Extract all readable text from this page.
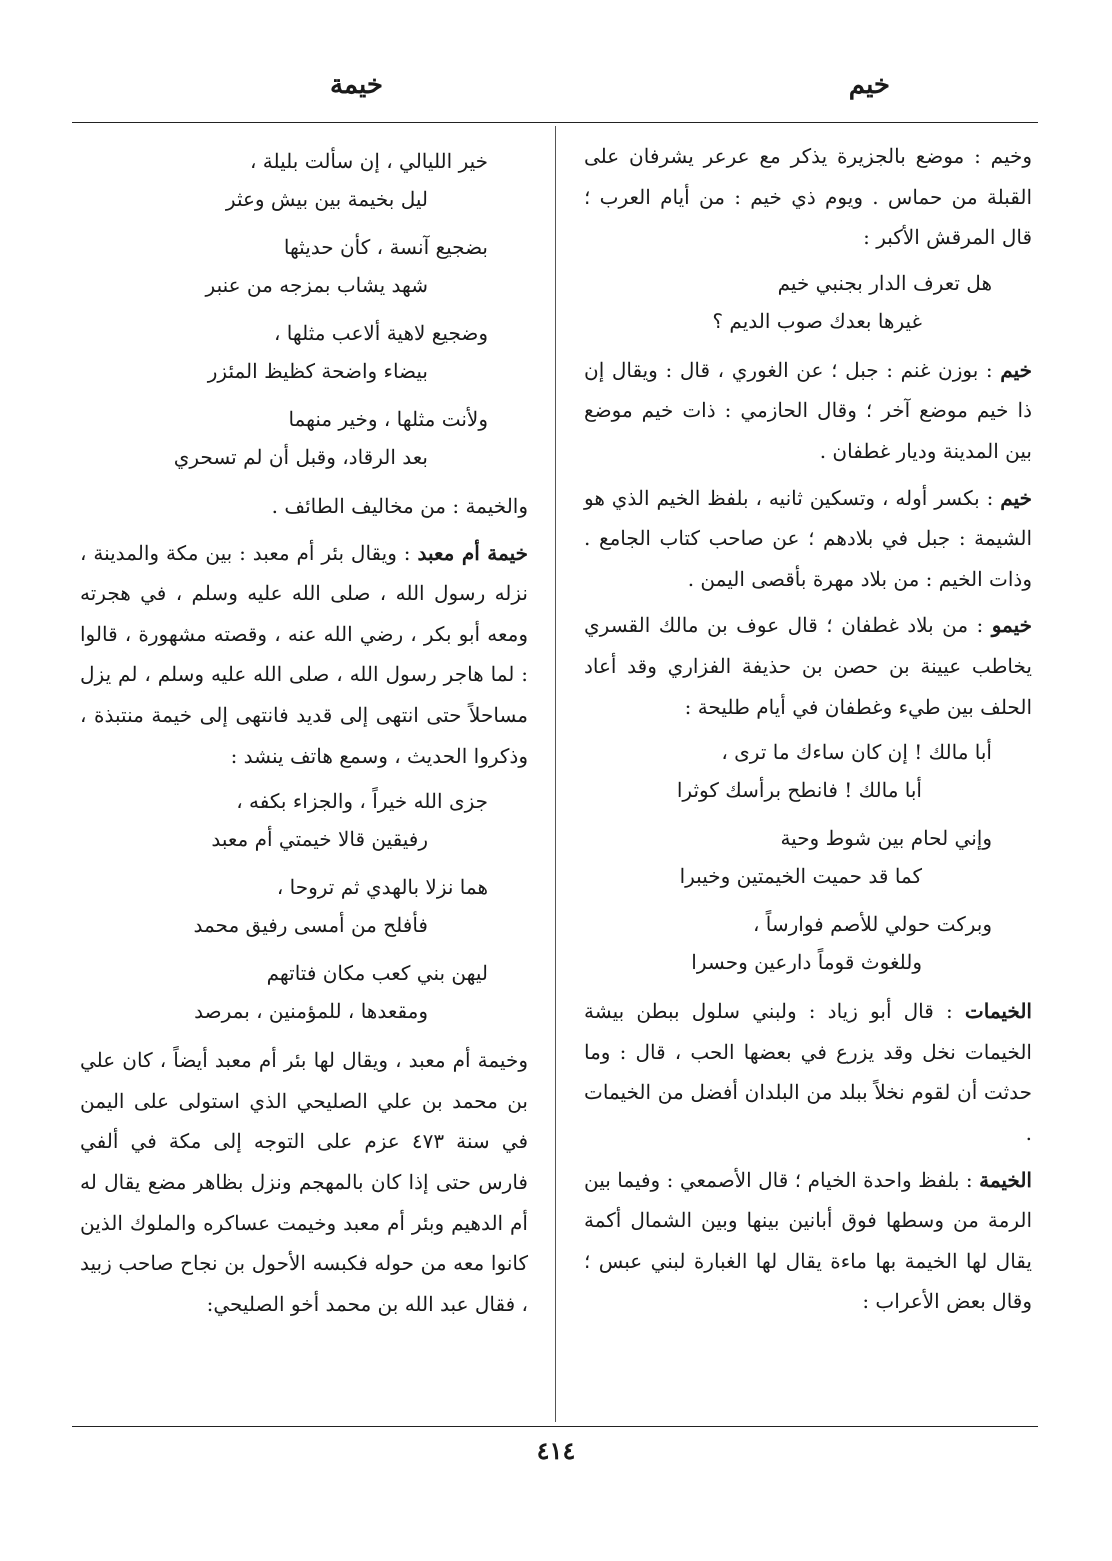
خيم
خيمة

وخيم : موضع بالجزيرة يذكر مع عرعر يشرفان على القبلة من حماس . ويوم ذي خيم : من أيام العرب ؛ قال المرقش الأكبر :

هل تعرف الدار بجنبي خيم
غيرها بعدك صوب الديم ؟

خيم : بوزن غنم : جبل ؛ عن الغوري ، قال : ويقال إن ذا خيم موضع آخر ؛ وقال الحازمي : ذات خيم موضع بين المدينة وديار غطفان .

خيم : بكسر أوله ، وتسكين ثانيه ، بلفظ الخيم الذي هو الشيمة : جبل في بلادهم ؛ عن صاحب كتاب الجامع . وذات الخيم : من بلاد مهرة بأقصى اليمن .

خيمو : من بلاد غطفان ؛ قال عوف بن مالك القسري يخاطب عيينة بن حصن بن حذيفة الفزاري وقد أعاد الحلف بين طيء وغطفان في أيام طليحة :

أبا مالك ! إن كان ساءك ما ترى ،
أبا مالك ! فانطح برأسك كوثرا
وإني لحام بين شوط وحية
كما قد حميت الخيمتين وخيبرا
وبركت حولي للأصم فوارساً ،
وللغوث قوماً دارعين وحسرا

الخيمات : قال أبو زياد : ولبني سلول ببطن بيشة الخيمات نخل وقد يزرع في بعضها الحب ، قال : وما حدثت أن لقوم نخلاً ببلد من البلدان أفضل من الخيمات .

الخيمة : بلفظ واحدة الخيام ؛ قال الأصمعي : وفيما بين الرمة من وسطها فوق أبانين بينها وبين الشمال أكمة يقال لها الخيمة بها ماءة يقال لها الغبارة لبني عبس ؛ وقال بعض الأعراب :

خير الليالي ، إن سألت بليلة ،
ليل بخيمة بين بيش وعثر
بضجيع آنسة ، كأن حديثها
شهد يشاب بمزجه من عنبر
وضجيع لاهية ألاعب مثلها ،
بيضاء واضحة كظيظ المئزر
ولأنت مثلها ، وخير منهما
بعد الرقاد، وقبل أن لم تسحري

والخيمة : من مخاليف الطائف .

خيمة أم معبد : ويقال بئر أم معبد : بين مكة والمدينة ، نزله رسول الله ، صلى الله عليه وسلم ، في هجرته ومعه أبو بكر ، رضي الله عنه ، وقصته مشهورة ، قالوا : لما هاجر رسول الله ، صلى الله عليه وسلم ، لم يزل مساحلاً حتى انتهى إلى قديد فانتهى إلى خيمة منتبذة ، وذكروا الحديث ، وسمع هاتف ينشد :

جزى الله خيراً ، والجزاء بكفه ،
رفيقين قالا خيمتي أم معبد
هما نزلا بالهدي ثم تروحا ،
فأفلح من أمسى رفيق محمد
ليهن بني كعب مكان فتاتهم
ومقعدها ، للمؤمنين ، بمرصد

وخيمة أم معبد ، ويقال لها بئر أم معبد أيضاً ، كان علي بن محمد بن علي الصليحي الذي استولى على اليمن في سنة ٤٧٣ عزم على التوجه إلى مكة في ألفي فارس حتى إذا كان بالمهجم ونزل بظاهر مضع يقال له أم الدهيم وبئر أم معبد وخيمت عساكره والملوك الذين كانوا معه من حوله فكبسه الأحول بن نجاح صاحب زبيد ، فقال عبد الله بن محمد أخو الصليحي:

٤١٤
